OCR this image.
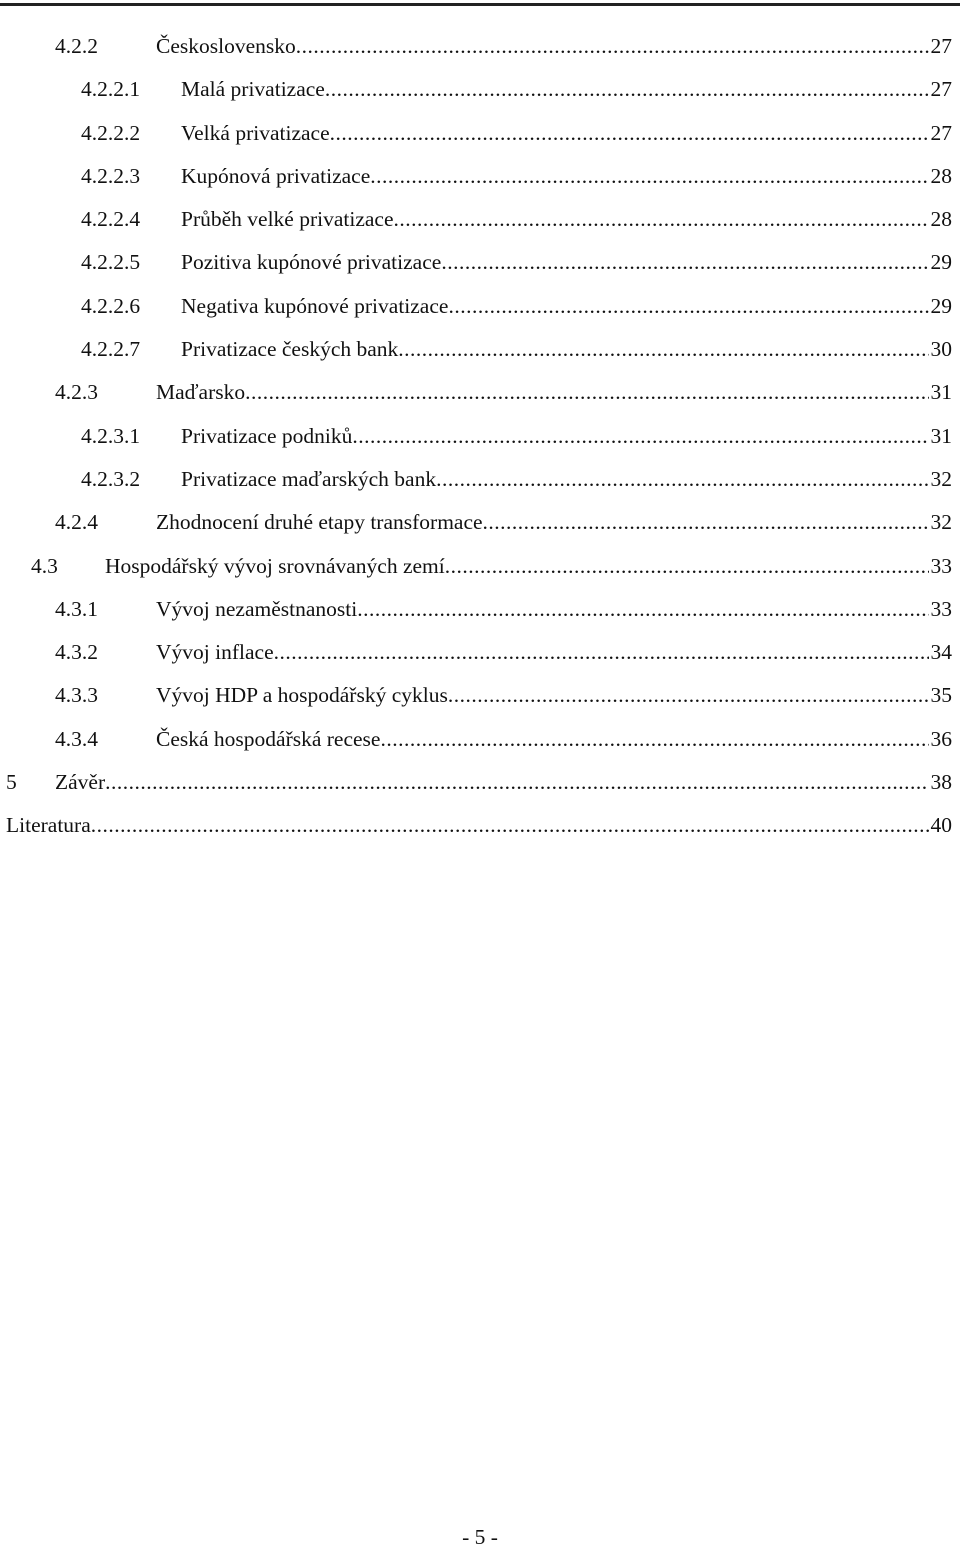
4.2.2	Československo .....	27
4.2.2.1 Malá privatizace .....	27
4.2.2.2 Velká privatizace .....	27
4.2.2.3 Kupónová privatizace .....	28
4.2.2.4 Průběh velké privatizace .....	28
4.2.2.5 Pozitiva kupónové privatizace .....	29
4.2.2.6 Negativa kupónové privatizace .....	29
4.2.2.7 Privatizace českých bank .....	30
4.2.3	Maďarsko .....	31
4.2.3.1 Privatizace podniků .....	31
4.2.3.2 Privatizace maďarských bank .....	32
4.2.4	Zhodnocení druhé etapy transformace .....	32
4.3 Hospodářský vývoj srovnávaných zemí .....	33
4.3.1	Vývoj nezaměstnanosti .....	33
4.3.2	Vývoj inflace .....	34
4.3.3	Vývoj HDP a hospodářský cyklus .....	35
4.3.4	Česká hospodářská recese .....	36
5 Závěr .....	38
Literatura .....	40
- 5 -
